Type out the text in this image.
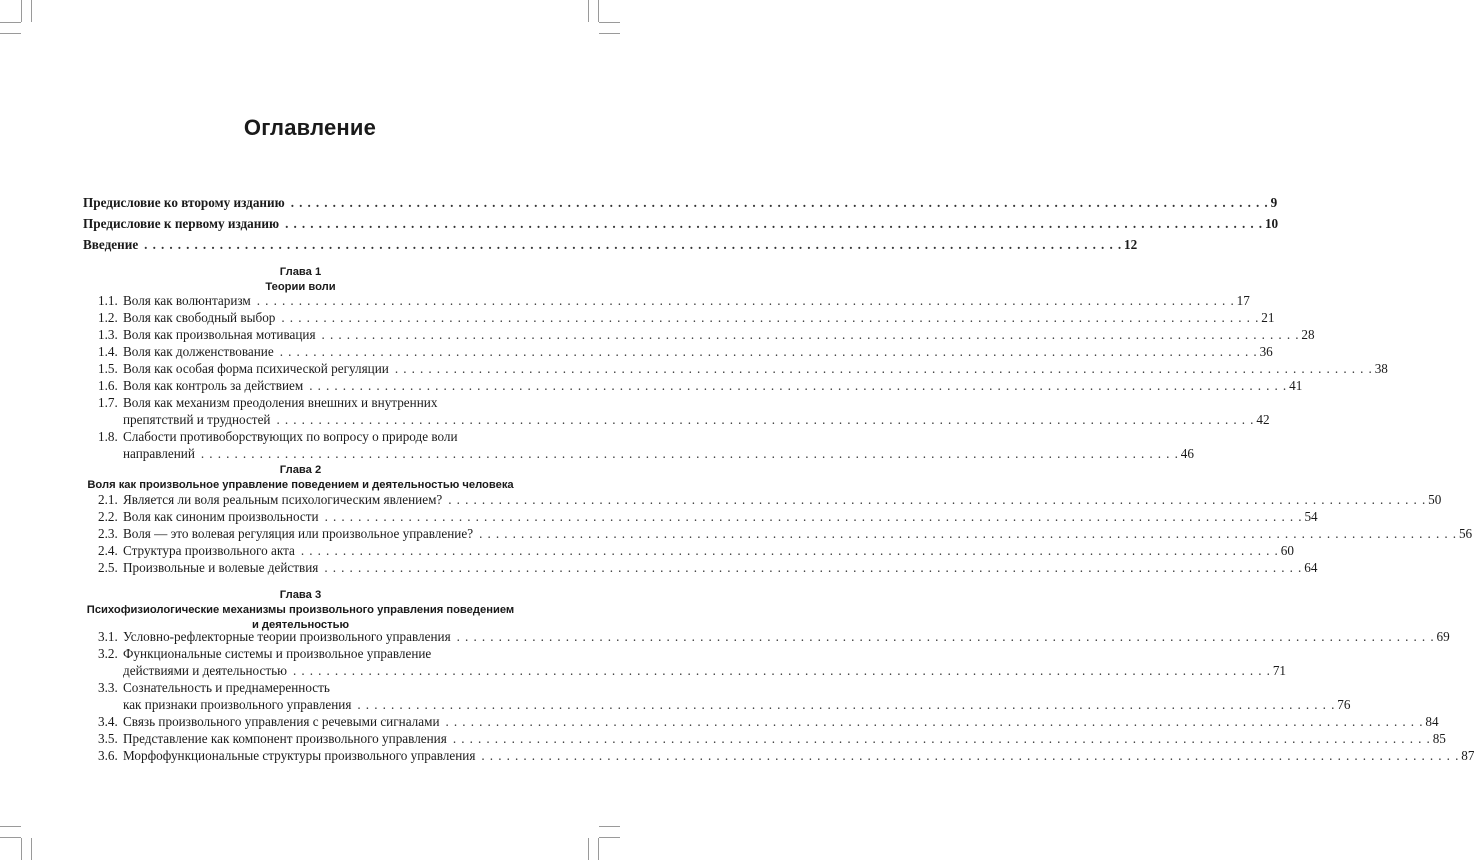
Оглавление
Предисловие ко второму изданию . . .	9
Предисловие к первому изданию . . .	10
Введение . . .	12
Глава 1
Теории воли
1.1. Воля как волюнтаризм . . .	17
1.2. Воля как свободный выбор . . .	21
1.3. Воля как произвольная мотивация . . .	28
1.4. Воля как долженствование . . .	36
1.5. Воля как особая форма психической регуляции . . .	38
1.6. Воля как контроль за действием . . .	41
1.7. Воля как механизм преодоления внешних и внутренних
препятствий и трудностей . . .	42
1.8. Слабости противоборствующих по вопросу о природе воли
направлений . . .	46
Глава 2
Воля как произвольное управление поведением и деятельностью человека
2.1. Является ли воля реальным психологическим явлением? . . .	50
2.2. Воля как синоним произвольности . . .	54
2.3. Воля — это волевая регуляция или произвольное управление? . . .	56
2.4. Структура произвольного акта . . .	60
2.5. Произвольные и волевые действия . . .	64
Глава 3
Психофизиологические механизмы произвольного управления поведением
и деятельностью
3.1. Условно-рефлекторные теории произвольного управления . . .	69
3.2. Функциональные системы и произвольное управление
действиями и деятельностью . . .	71
3.3. Сознательность и преднамеренность
как признаки произвольного управления . . .	76
3.4. Связь произвольного управления с речевыми сигналами . . .	84
3.5. Представление как компонент произвольного управления . . .	85
3.6. Морфофункциональные структуры произвольного управления . . .	87
